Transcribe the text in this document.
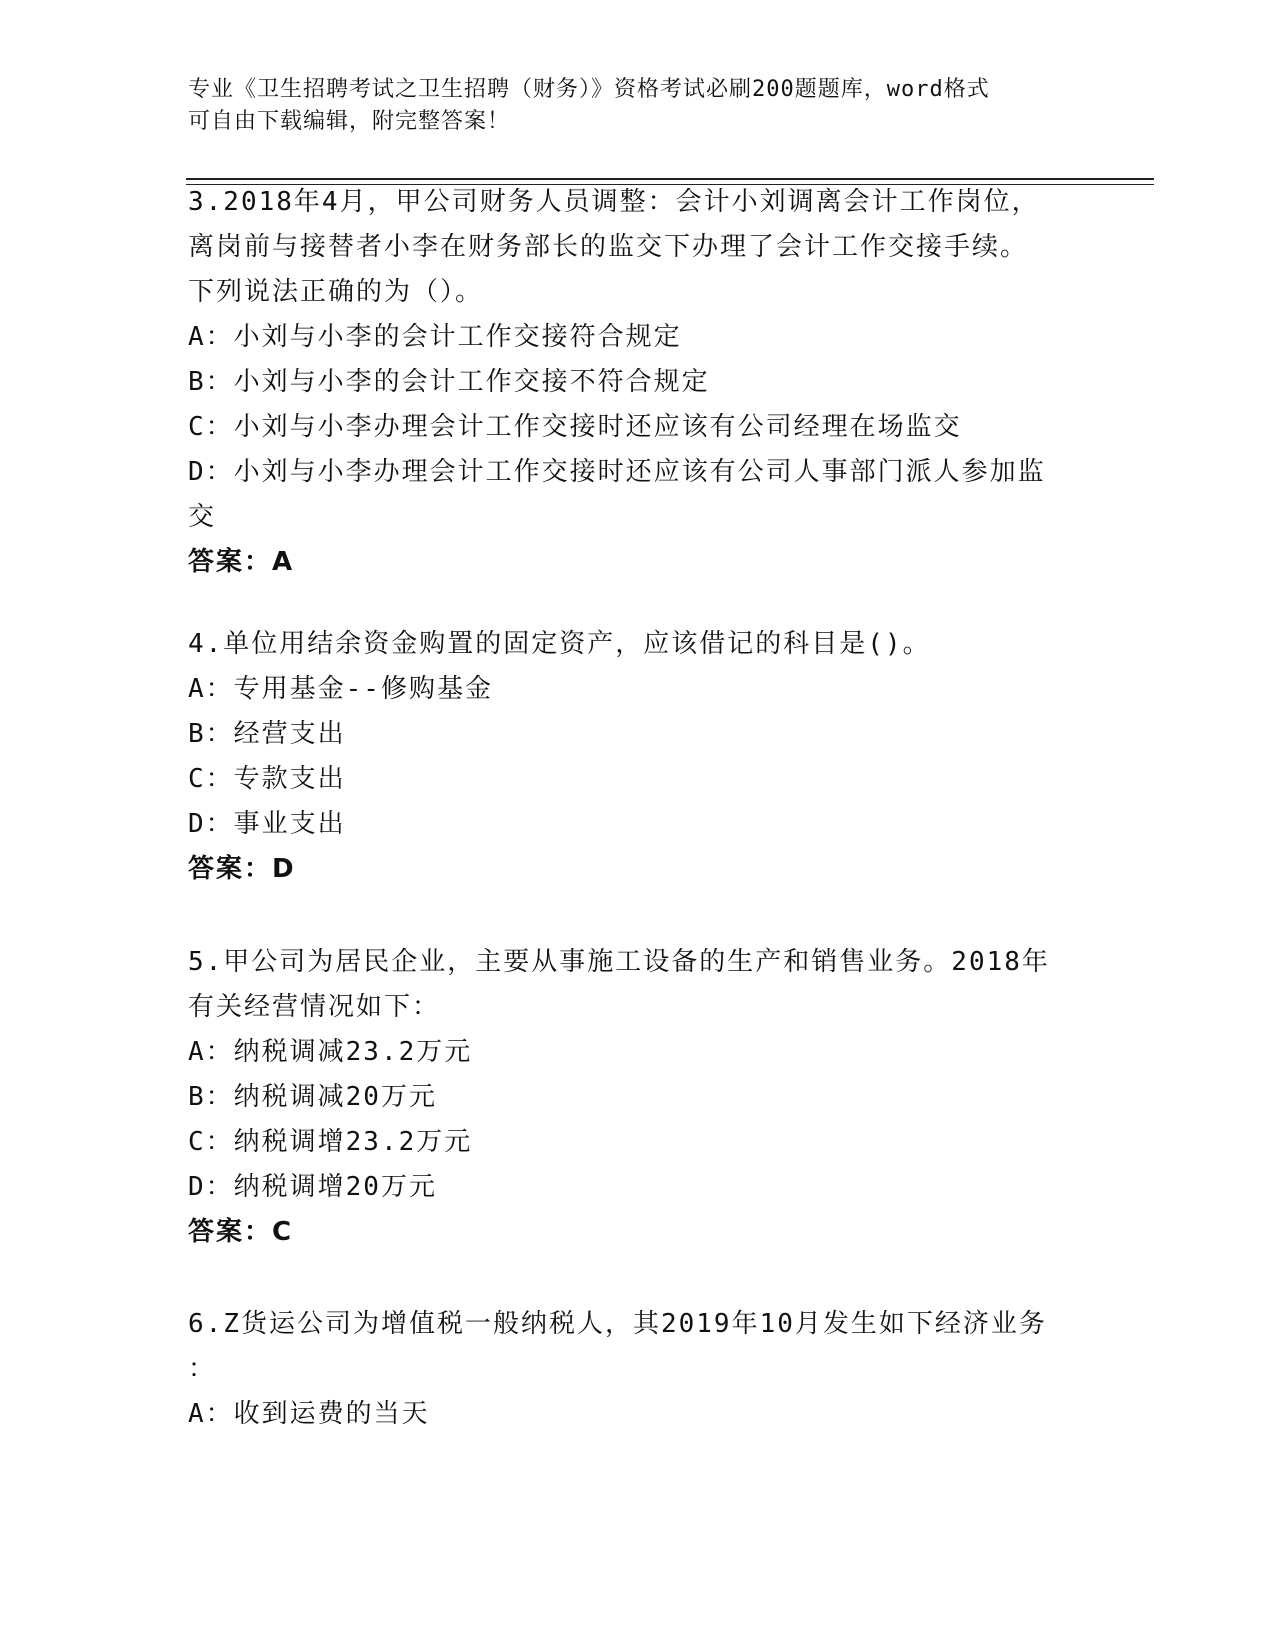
专业《卫生招聘考试之卫生招聘（财务）》资格考试必刷200题题库，word格式
可自由下载编辑，附完整答案！
3.2018年4月，甲公司财务人员调整：会计小刘调离会计工作岗位，
离岗前与接替者小李在财务部长的监交下办理了会计工作交接手续。
下列说法正确的为（）。
A：小刘与小李的会计工作交接符合规定
B：小刘与小李的会计工作交接不符合规定
C：小刘与小李办理会计工作交接时还应该有公司经理在场监交
D：小刘与小李办理会计工作交接时还应该有公司人事部门派人参加监
交
答案：A
4.单位用结余资金购置的固定资产，应该借记的科目是()。
A：专用基金--修购基金
B：经营支出
C：专款支出
D：事业支出
答案：D
5.甲公司为居民企业，主要从事施工设备的生产和销售业务。2018年
有关经营情况如下：
A：纳税调减23.2万元
B：纳税调减20万元
C：纳税调增23.2万元
D：纳税调增20万元
答案：C
6.Z货运公司为增值税一般纳税人，其2019年10月发生如下经济业务
：
A：收到运费的当天
